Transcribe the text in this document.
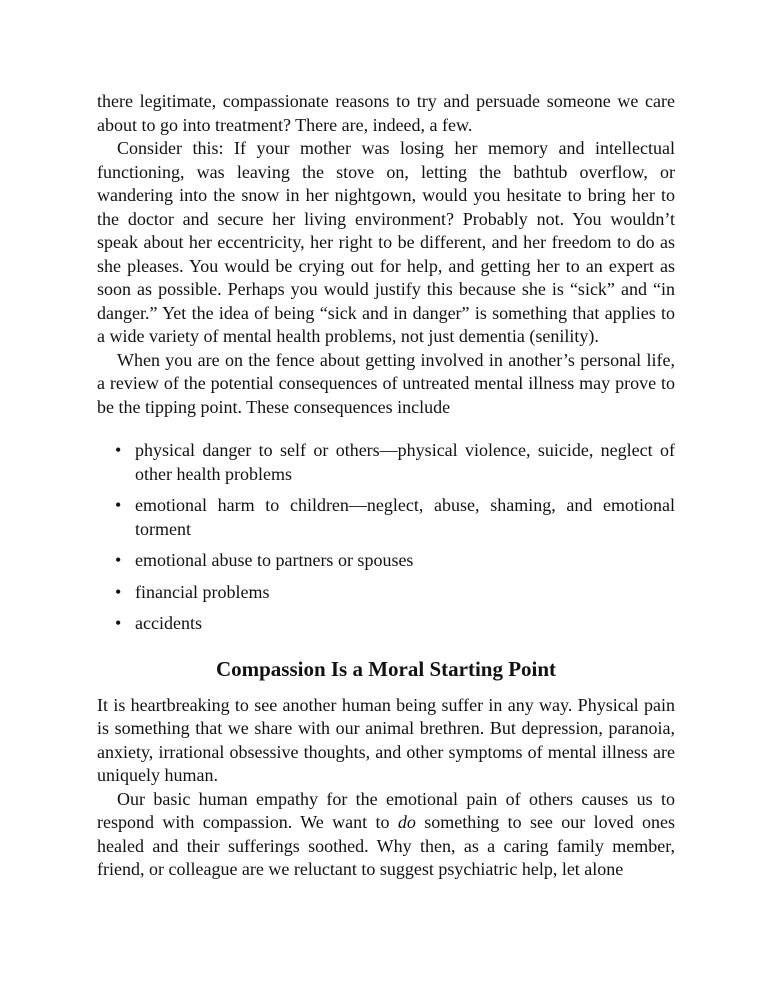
there legitimate, compassionate reasons to try and persuade someone we care about to go into treatment? There are, indeed, a few.

Consider this: If your mother was losing her memory and intellectual functioning, was leaving the stove on, letting the bathtub overflow, or wandering into the snow in her nightgown, would you hesitate to bring her to the doctor and secure her living environment? Probably not. You wouldn’t speak about her eccentricity, her right to be different, and her freedom to do as she pleases. You would be crying out for help, and getting her to an expert as soon as possible. Perhaps you would justify this because she is “sick” and “in danger.” Yet the idea of being “sick and in danger” is something that applies to a wide variety of mental health problems, not just dementia (senility).

When you are on the fence about getting involved in another’s personal life, a review of the potential consequences of untreated mental illness may prove to be the tipping point. These consequences include

• physical danger to self or others—physical violence, suicide, neglect of other health problems
• emotional harm to children—neglect, abuse, shaming, and emotional torment
• emotional abuse to partners or spouses
• financial problems
• accidents
Compassion Is a Moral Starting Point

It is heartbreaking to see another human being suffer in any way. Physical pain is something that we share with our animal brethren. But depression, paranoia, anxiety, irrational obsessive thoughts, and other symptoms of mental illness are uniquely human.

Our basic human empathy for the emotional pain of others causes us to respond with compassion. We want to do something to see our loved ones healed and their sufferings soothed. Why then, as a caring family member, friend, or colleague are we reluctant to suggest psychiatric help, let alone
